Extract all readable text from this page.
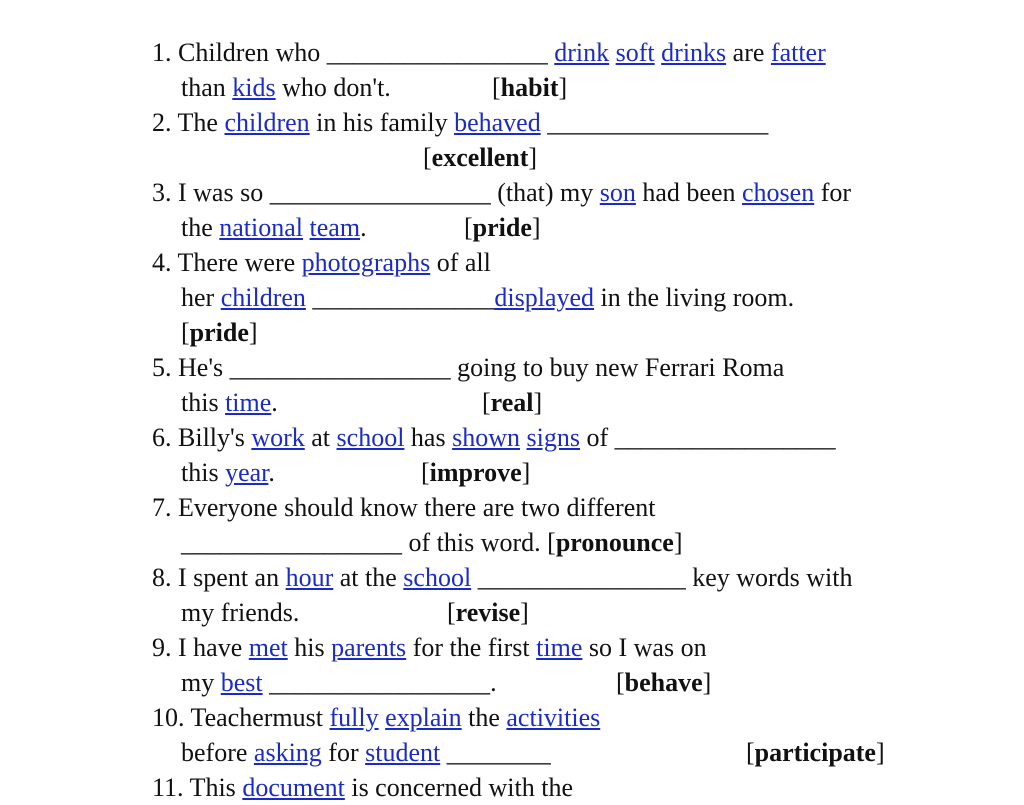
1. Children who _________________ drink soft drinks are fatter
than kids who don't.	[habit]
2. The children in his family behaved _________________
[excellent]
3. I was so _________________ (that) my son had been chosen for
the national team.	[pride]
4. There were photographs of all
her children ______________displayed in the living room.
[pride]
5. He's _________________ going to buy new Ferrari Roma
this time.	[real]
6. Billy's work at school has shown signs of _________________
this year.	[improve]
7. Everyone should know there are two different
_________________ of this word. [pronounce]
8. I spent an hour at the school ________________ key words with
my friends.	[revise]
9. I have met his parents for the first time so I was on
my best _________________.	[behave]
10. Teachermust fully explain the activities
before asking for student ________	[participate]
11. This document is concerned with the
